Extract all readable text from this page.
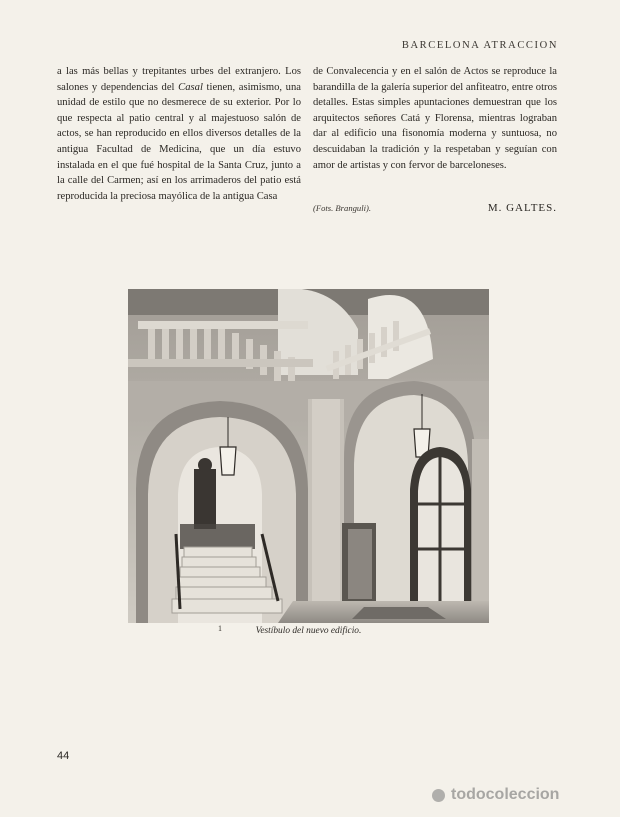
BARCELONA ATRACCION

a las más bellas y trepitantes urbes del extranjero. Los salones y dependencias del Casal tienen, asimismo, una unidad de estilo que no desmerece de su exterior. Por lo que respecta al patio central y al majestuoso salón de actos, se han reproducido en ellos diversos detalles de la antigua Facultad de Medicina, que un día estuvo instalada en el que fué hospital de la Santa Cruz, junto a la calle del Carmen; así en los arrimaderos del patio está reproducida la preciosa mayólica de la antigua Casa

de Convalecencia y en el salón de Actos se reproduce la barandilla de la galería superior del anfiteatro, entre otros detalles. Estas simples apuntaciones demuestran que los arquitectos señores Catá y Florensa, mientras lograban dar al edificio una fisonomía moderna y suntuosa, no descuidaban la tradición y la respetaban y seguían con amor de artistas y con fervor de barceloneses.

(Fots. Branguli).	M. GALTES.
1	Vestíbulo del nuevo edificio.
44
todocoleccion
